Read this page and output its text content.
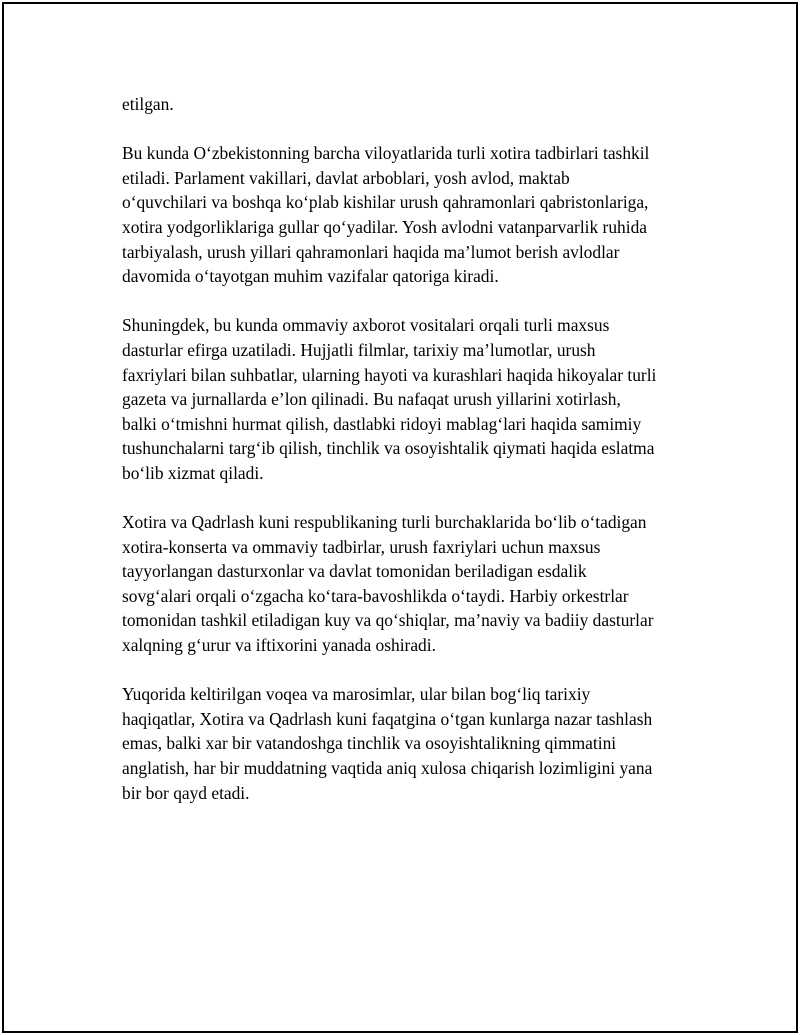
etilgan.

Bu kunda O‘zbekistonning barcha viloyatlarida turli xotira tadbirlari tashkil
etiladi. Parlament vakillari, davlat arboblari, yosh avlod, maktab
o‘quvchilari va boshqa ko‘plab kishilar urush qahramonlari qabristonlariga,
xotira yodgorliklariga gullar qo‘yadilar. Yosh avlodni vatanparvarlik ruhida
tarbiyalash, urush yillari qahramonlari haqida ma’lumot berish avlodlar
davomida o‘tayotgan muhim vazifalar qatoriga kiradi.

Shuningdek, bu kunda ommaviy axborot vositalari orqali turli maxsus
dasturlar efirga uzatiladi. Hujjatli filmlar, tarixiy ma’lumotlar, urush
faxriylari bilan suhbatlar, ularning hayoti va kurashlari haqida hikoyalar turli
gazeta va jurnallarda e’lon qilinadi. Bu nafaqat urush yillarini xotirlash,
balki o‘tmishni hurmat qilish, dastlabki ridoyi mablag‘lari haqida samimiy
tushunchalarni targ‘ib qilish, tinchlik va osoyishtalik qiymati haqida eslatma
bo‘lib xizmat qiladi.

Xotira va Qadrlash kuni respublikaning turli burchaklarida bo‘lib o‘tadigan
xotira-konserta va ommaviy tadbirlar, urush faxriylari uchun maxsus
tayyorlangan dasturxonlar va davlat tomonidan beriladigan esdalik
sovg‘alari orqali o‘zgacha ko‘tara-bavoshlikda o‘taydi. Harbiy orkestrlar
tomonidan tashkil etiladigan kuy va qo‘shiqlar, ma’naviy va badiiy dasturlar
xalqning g‘urur va iftixorini yanada oshiradi.

Yuqorida keltirilgan voqea va marosimlar, ular bilan bog‘liq tarixiy
haqiqatlar, Xotira va Qadrlash kuni faqatgina o‘tgan kunlarga nazar tashlash
emas, balki xar bir vatandoshga tinchlik va osoyishtalikning qimmatini
anglatish, har bir muddatning vaqtida aniq xulosa chiqarish lozimligini yana
bir bor qayd etadi.
